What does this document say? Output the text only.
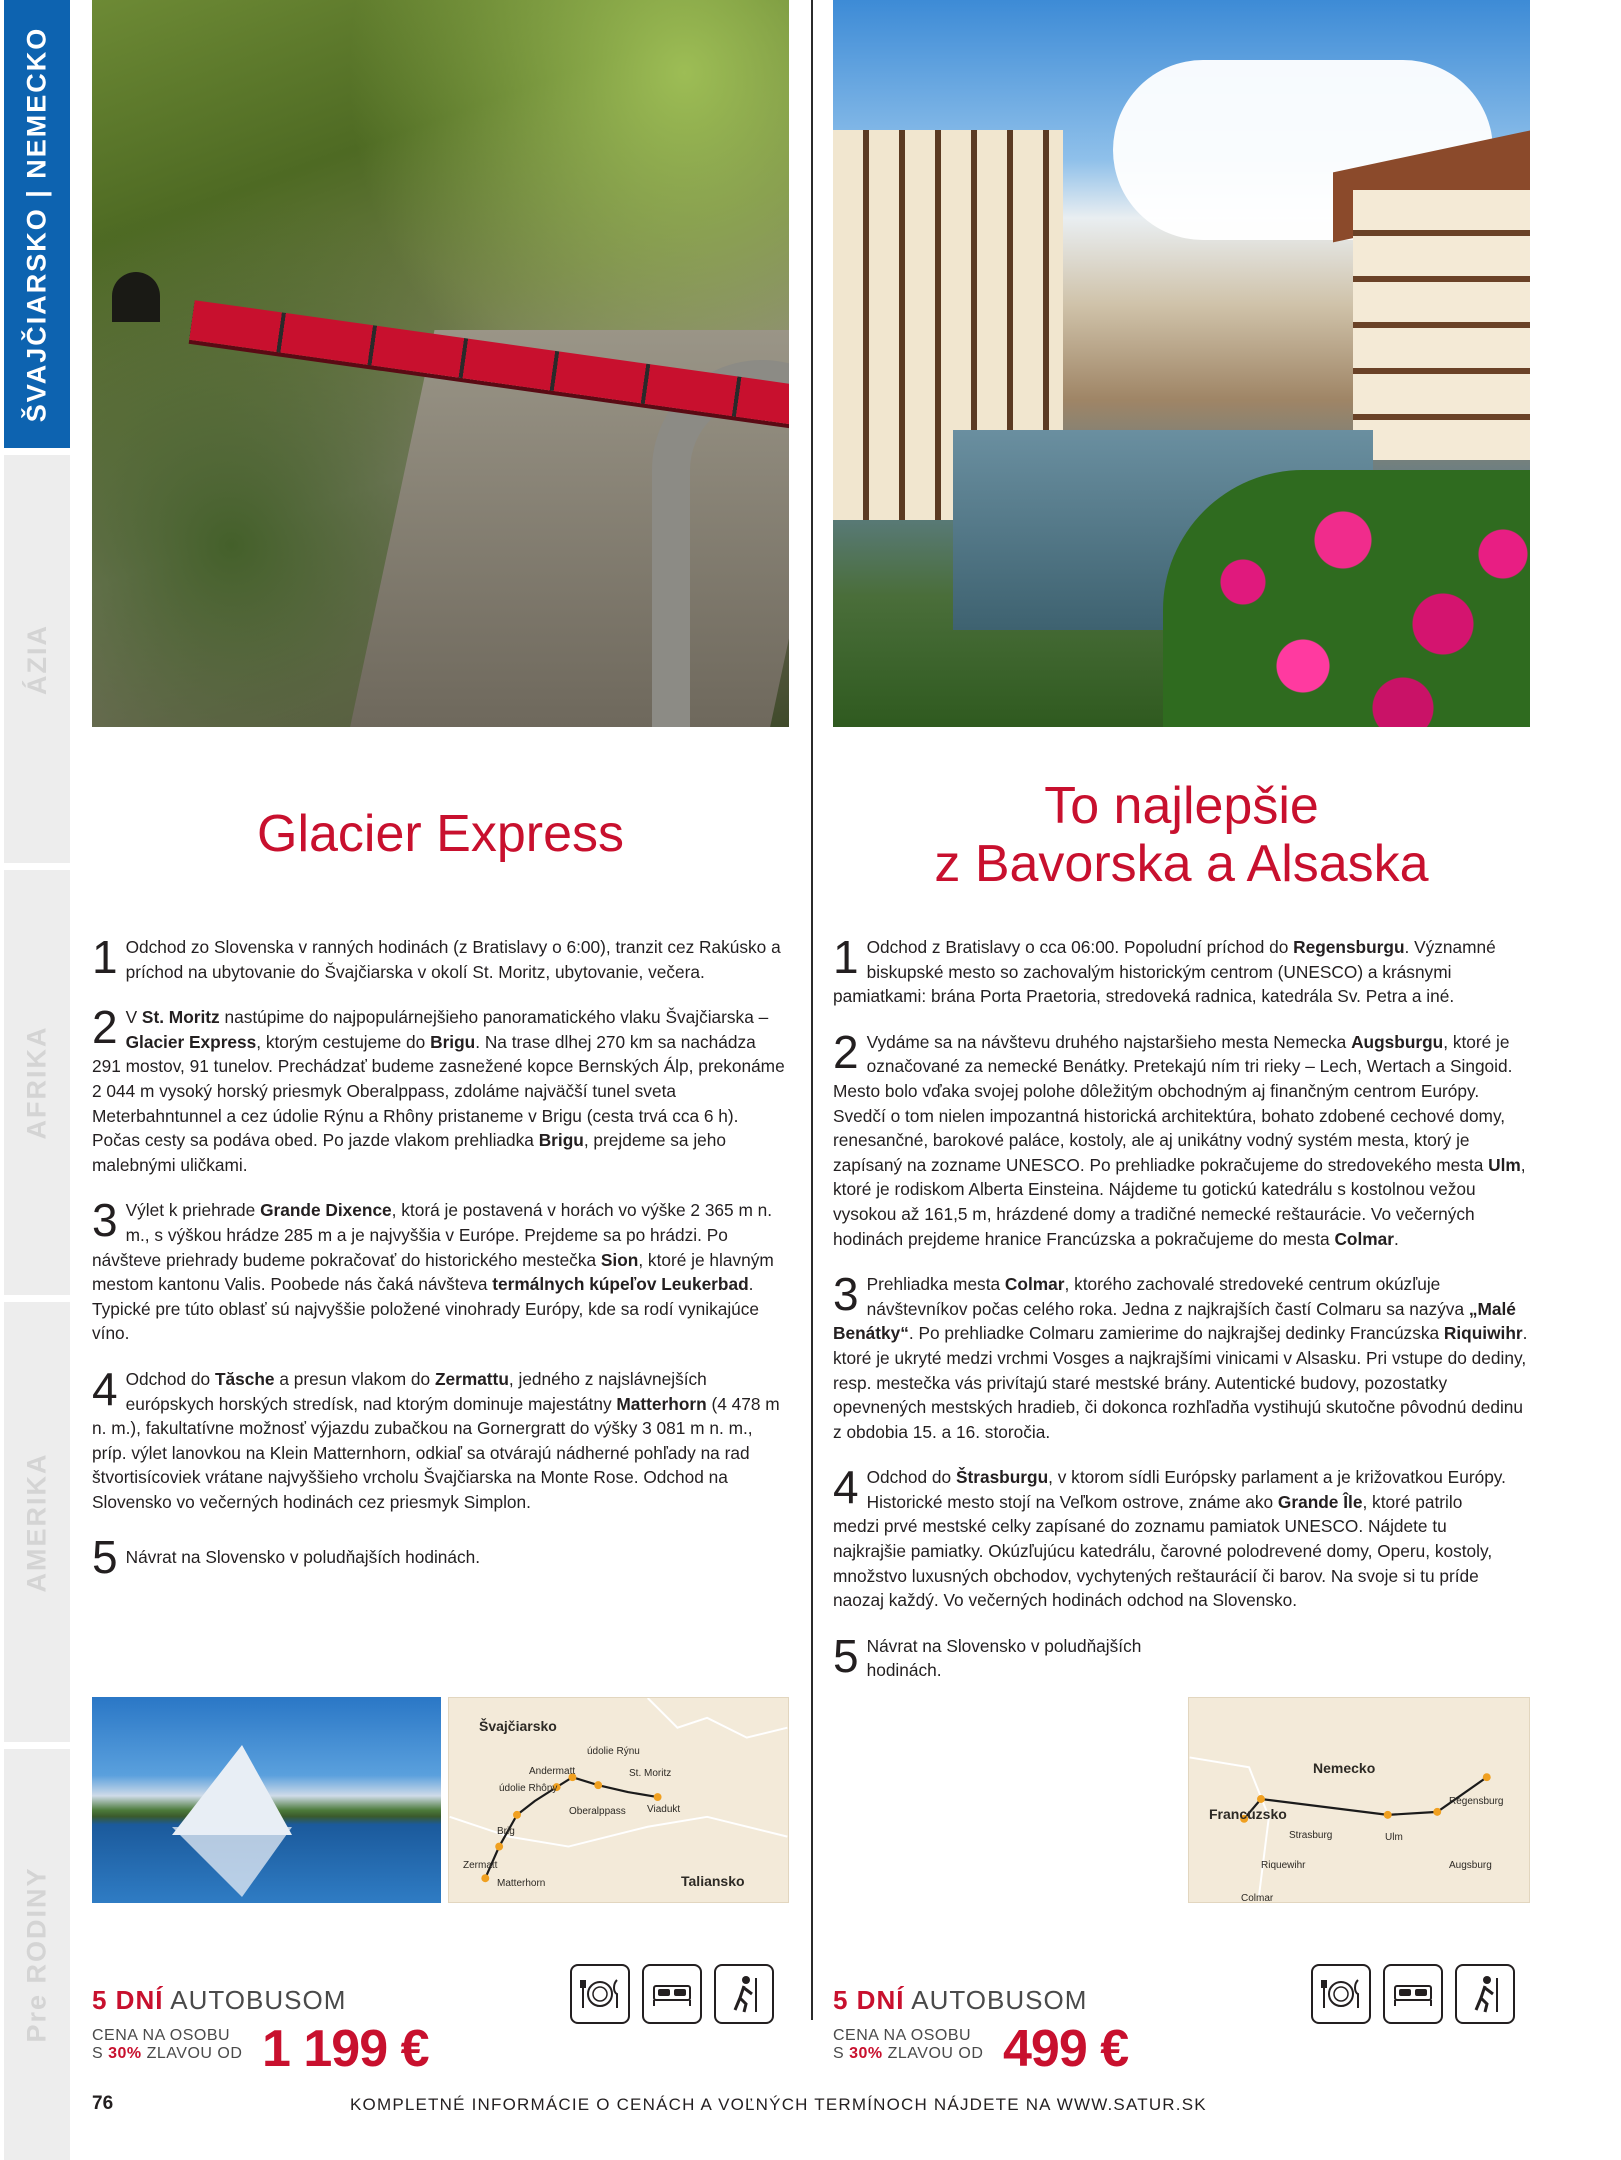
ŠVAJČIARSKO | NEMECKO
ÁZIA
AFRIKA
AMERIKA
Pre RODINY
Glacier Express	To najlepšie
z Bavorska a Alsaska
1 Odchod zo Slovenska v ranných hodinách (z Bratislavy o 6:00), tranzit cez Rakúsko a príchod na ubytovanie do Švajčiarska v okolí St. Moritz, ubytovanie, večera.

2 V St. Moritz nastúpime do najpopulárnejšieho panoramatického vlaku Švajčiarska – Glacier Express, ktorým cestujeme do Brigu. Na trase dlhej 270 km sa nachádza 291 mostov, 91 tunelov. Prechádzať budeme zasnežené kopce Bernských Álp, prekonáme 2 044 m vysoký horský priesmyk Oberalppass, zdoláme najväčší tunel sveta Meterbahntunnel a cez údolie Rýnu a Rhôny pristaneme v Brigu (cesta trvá cca 6 h). Počas cesty sa podáva obed. Po jazde vlakom prehliadka Brigu, prejdeme sa jeho malebnými uličkami.

3 Výlet k priehrade Grande Dixence, ktorá je postavená v horách vo výške 2 365 m n. m., s výškou hrádze 285 m a je najvyššia v Európe. Prejdeme sa po hrádzi. Po návšteve priehrady budeme pokračovať do historického mestečka Sion, ktoré je hlavným mestom kantonu Valis. Poobede nás čaká návšteva termálnych kúpeľov Leukerbad. Typické pre túto oblasť sú najvyššie položené vinohrady Európy, kde sa rodí vynikajúce víno.

4 Odchod do Tăsche a presun vlakom do Zermattu, jedného z najslávnejších európskych horských stredísk, nad ktorým dominuje majestátny Matterhorn (4 478 m n. m.), fakultatívne možnosť výjazdu zubačkou na Gornergratt do výšky 3 081 m n. m., príp. výlet lanovkou na Klein Matternhorn, odkiaľ sa otvárajú nádherné pohľady na rad štvortisícoviek vrátane najvyššieho vrcholu Švajčiarska na Monte Rose. Odchod na Slovensko vo večerných hodinách cez priesmyk Simplon.

5 Návrat na Slovensko v poludňajších hodinách.

1 Odchod z Bratislavy o cca 06:00. Popoludní príchod do Regensburgu. Významné biskupské mesto so zachovalým historickým centrom (UNESCO) a krásnymi pamiatkami: brána Porta Praetoria, stredoveká radnica, katedrála Sv. Petra a iné.

2 Vydáme sa na návštevu druhého najstaršieho mesta Nemecka Augsburgu, ktoré je označované za nemecké Benátky. Pretekajú ním tri rieky – Lech, Wertach a Singoid. Mesto bolo vďaka svojej polohe dôležitým obchodným aj finančným centrom Európy. Svedčí o tom nielen impozantná historická architektúra, bohato zdobené cechové domy, renesančné, barokové paláce, kostoly, ale aj unikátny vodný systém mesta, ktorý je zapísaný na zozname UNESCO. Po prehliadke pokračujeme do stredovekého mesta Ulm, ktoré je rodiskom Alberta Einsteina. Nájdeme tu gotickú katedrálu s kostolnou vežou vysokou až 161,5 m, hrázdené domy a tradičné nemecké reštaurácie. Vo večerných hodinách prejdeme hranice Francúzska a pokračujeme do mesta Colmar.

3 Prehliadka mesta Colmar, ktorého zachovalé stredoveké centrum okúzľuje návštevníkov počas celého roka. Jedna z najkrajších častí Colmaru sa nazýva „Malé Benátky“. Po prehliadke Colmaru zamierime do najkrajšej dedinky Francúzska Riquiwihr. ktoré je ukryté medzi vrchmi Vosges a najkrajšími vinicami v Alsasku. Pri vstupe do dediny, resp. mestečka vás privítajú staré mestské brány. Autentické budovy, pozostatky opevnených mestských hradieb, či dokonca rozhľadňa vystihujú skutočne pôvodnú dedinu z obdobia 15. a 16. storočia.

4 Odchod do Štrasburgu, v ktorom sídli Európsky parlament a je križovatkou Európy. Historické mesto stojí na Veľkom ostrove, známe ako Grande Île, ktoré patrilo medzi prvé mestské celky zapísané do zoznamu pamiatok UNESCO. Nájdete tu najkrajšie pamiatky. Okúzľujúcu katedrálu, čarovné polodrevené domy, Operu, kostoly, množstvo luxusných obchodov, vychytených reštaurácií či barov. Na svoje si tu príde naozaj každý. Vo večerných hodinách odchod na Slovensko.

5 Návrat na Slovensko v poludňajších hodinách.

Švajčiarsko
Taliansko
údolie Rýnu
Andermatt	St. Moritz
údolie Rhôny
Oberalppass Viadukt
Brig
Zermatt
Matterhorn
Nemecko
Francúzsko
Regensburg
Strasburg	Ulm
Riquewihr	Augsburg
Colmar
5 DNÍ AUTOBUSOM
CENA NA OSOBU
S 30% ZLAVOU OD 1 199 €
5 DNÍ AUTOBUSOM
CENA NA OSOBU
S 30% ZLAVOU OD 499 €
76	KOMPLETNÉ INFORMÁCIE O CENÁCH A VOĽNÝCH TERMÍNOCH NÁJDETE NA WWW.SATUR.SK
